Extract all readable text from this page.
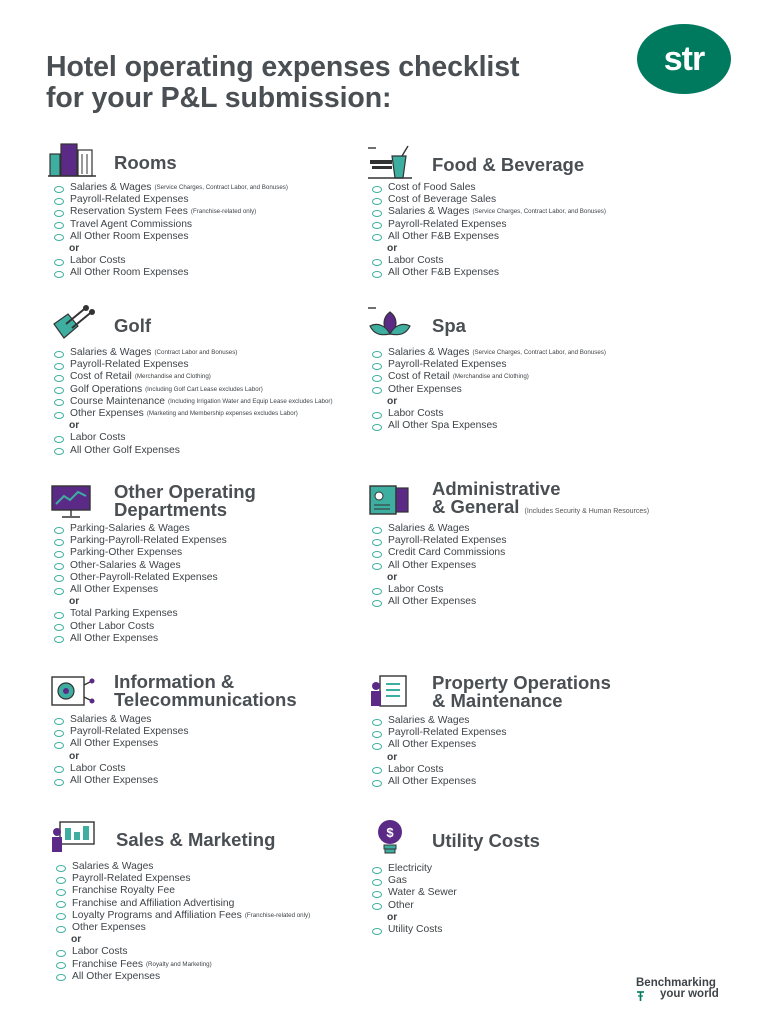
Hotel operating expenses checklist
for your P&L submission:
str
Rooms
Salaries & Wages (Service Charges, Contract Labor, and Bonuses)
Payroll-Related Expenses
Reservation System Fees (Franchise-related only)
Travel Agent Commissions
All Other Room Expenses
or
Labor Costs
All Other Room Expenses
Food & Beverage
Cost of Food Sales
Cost of Beverage Sales
Salaries & Wages (Service Charges, Contract Labor, and Bonuses)
Payroll-Related Expenses
All Other F&B Expenses
or
Labor Costs
All Other F&B Expenses
Golf
Salaries & Wages (Contract Labor and Bonuses)
Payroll-Related Expenses
Cost of Retail (Merchandise and Clothing)
Golf Operations (Including Golf Cart Lease excludes Labor)
Course Maintenance (Including Irrigation Water and Equip Lease excludes Labor)
Other Expenses (Marketing and Membership expenses excludes Labor)
or
Labor Costs
All Other Golf Expenses
Spa
Salaries & Wages (Service Charges, Contract Labor, and Bonuses)
Payroll-Related Expenses
Cost of Retail (Merchandise and Clothing)
Other Expenses
or
Labor Costs
All Other Spa Expenses
Other Operating
Departments
Parking-Salaries & Wages
Parking-Payroll-Related Expenses
Parking-Other Expenses
Other-Salaries & Wages
Other-Payroll-Related Expenses
All Other Expenses
or
Total Parking Expenses
Other Labor Costs
All Other Expenses
Administrative
& General (Includes Security & Human Resources)
Salaries & Wages
Payroll-Related Expenses
Credit Card Commissions
All Other Expenses
or
Labor Costs
All Other Expenses
Information &
Telecommunications
Salaries & Wages
Payroll-Related Expenses
All Other Expenses
or
Labor Costs
All Other Expenses
Property Operations
& Maintenance
Salaries & Wages
Payroll-Related Expenses
All Other Expenses
or
Labor Costs
All Other Expenses
Sales & Marketing
Salaries & Wages
Payroll-Related Expenses
Franchise Royalty Fee
Franchise and Affiliation Advertising
Loyalty Programs and Affiliation Fees (Franchise-related only)
Other Expenses
or
Labor Costs
Franchise Fees (Royalty and Marketing)
All Other Expenses
$ Utility Costs
Electricity
Gas
Water & Sewer
Other
or
Utility Costs
Benchmarking
your world
